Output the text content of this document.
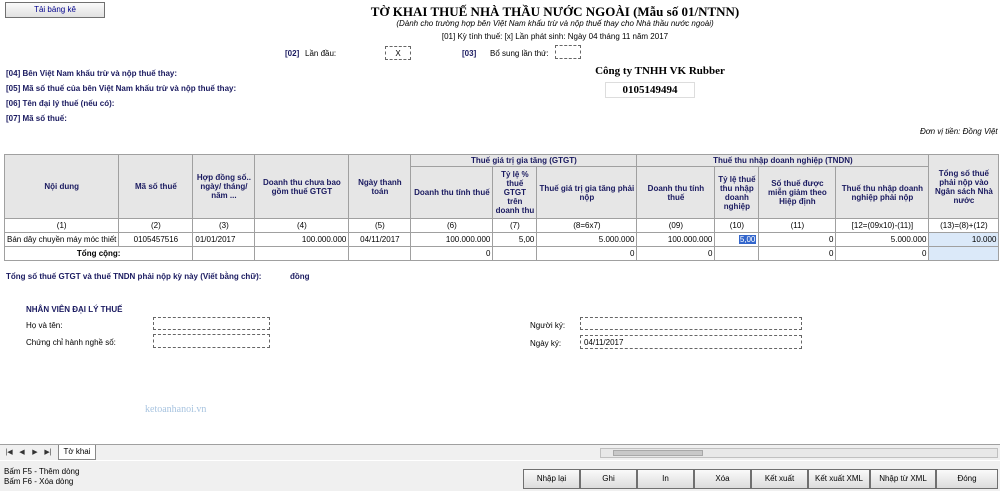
Tải bảng kê	TỜ KHAI THUẾ NHÀ THẦU NƯỚC NGOÀI (Mẫu số 01/NTNN)
(Dành cho trường hợp bên Việt Nam khấu trừ và nộp thuế thay cho Nhà thầu nước ngoài)
[01] Kỳ tính thuế: [x] Lần phát sinh: Ngày 04 tháng 11 năm 2017
[02] Lần đầu:	X	[03] Bổ sung lần thứ:
[04] Bên Việt Nam khấu trừ và nộp thuế thay:
[05] Mã số thuế của bên Việt Nam khấu trừ và nộp thuế thay:
[06] Tên đại lý thuế (nếu có):
[07] Mã số thuế:
Công ty TNHH VK Rubber
0105149494
Đơn vị tiền: Đồng Việt
Nội dung	Mã số thuế	Hợp đồng số.. ngày/ tháng/ năm ...	Doanh thu chưa bao gồm thuế GTGT	Ngày thanh toán	Thuế giá trị gia tăng (GTGT)			Thuế thu nhập doanh nghiệp (TNDN)				Tổng số thuế phải nộp vào Ngân sách Nhà nước
					Doanh thu tính thuế	Tỷ lệ % thuế GTGT trên doanh thu	Thuế giá trị gia tăng phải nộp	Doanh thu tính thuế	Tỷ lệ thuế thu nhập doanh nghiệp	Số thuế được miễn giảm theo Hiệp định	Thuế thu nhập doanh nghiệp phải nộp	
(1)	(2)	(3)	(4)	(5)	(6)	(7)	(8=6x7)	(09)	(10)	(11)	[12=(09x10)-(11)]	(13)=(8)+(12)
Bán dây chuyền máy móc thiết	0105457516	01/01/2017	100.000.000	04/11/2017	100.000.000	5,00	5.000.000	100.000.000	5,00	0	5.000.000	10.000
Tổng cộng:					0		0	0		0	0	
Tổng số thuế GTGT và thuế TNDN phải nộp kỳ này (Viết bằng chữ):	đồng
NHÂN VIÊN ĐẠI LÝ THUẾ
Họ và tên:
Chứng chỉ hành nghề số:
Người ký:
Ngày ký:	04/11/2017
ketoanhanoi.vn
|◀ ◀	▶ ▶|	Tờ khai
Bấm F5 - Thêm dòng
Bấm F6 - Xóa dòng	Nhập lại	Ghi	In	Xóa	Kết xuất	Kết xuất XML	Nhập từ XML	Đóng
